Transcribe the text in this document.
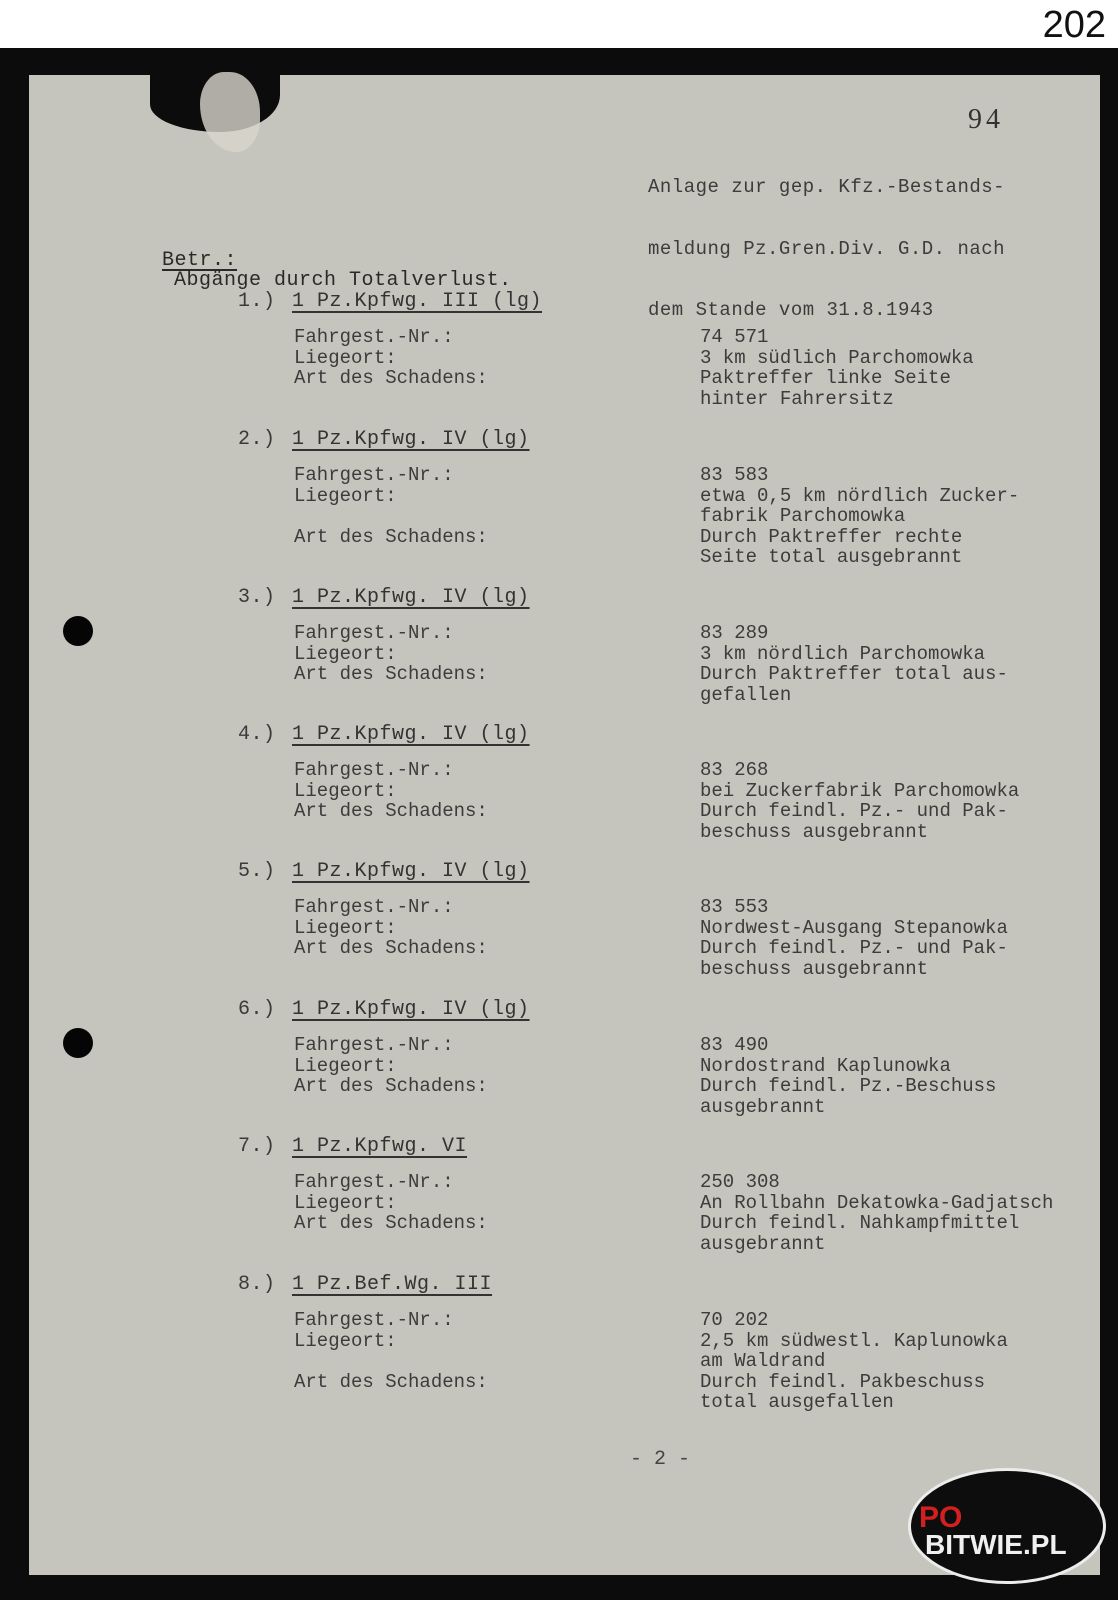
202
94

Anlage zur gep. Kfz.-Bestands-

meldung Pz.Gren.Div. G.D. nach

dem Stande vom 31.8.1943

Betr.:
Abgänge durch Totalverlust.

1.) 1 Pz.Kpfwg. III (lg)
Fahrgest.-Nr.:
Liegeort:
Art des Schadens:
74 571
3 km südlich Parchomowka
Paktreffer linke Seite
hinter Fahrersitz
2.) 1 Pz.Kpfwg. IV (lg)
Fahrgest.-Nr.:
Liegeort:
Art des Schadens:
83 583
etwa 0,5 km nördlich Zucker-
fabrik Parchomowka
Durch Paktreffer rechte
Seite total ausgebrannt
3.) 1 Pz.Kpfwg. IV (lg)
Fahrgest.-Nr.:
Liegeort:
Art des Schadens:
83 289
3 km nördlich Parchomowka
Durch Paktreffer total aus-
gefallen
4.) 1 Pz.Kpfwg. IV (lg)
Fahrgest.-Nr.:
Liegeort:
Art des Schadens:
83 268
bei Zuckerfabrik Parchomowka
Durch feindl. Pz.- und Pak-
beschuss ausgebrannt
5.) 1 Pz.Kpfwg. IV (lg)
Fahrgest.-Nr.:
Liegeort:
Art des Schadens:
83 553
Nordwest-Ausgang Stepanowka
Durch feindl. Pz.- und Pak-
beschuss ausgebrannt
6.) 1 Pz.Kpfwg. IV (lg)
Fahrgest.-Nr.:
Liegeort:
Art des Schadens:
83 490
Nordostrand Kaplunowka
Durch feindl. Pz.-Beschuss
ausgebrannt
7.) 1 Pz.Kpfwg. VI
Fahrgest.-Nr.:
Liegeort:
Art des Schadens:
250 308
An Rollbahn Dekatowka-Gadjatsch
Durch feindl. Nahkampfmittel
ausgebrannt
8.) 1 Pz.Bef.Wg. III
Fahrgest.-Nr.:
Liegeort:
Art des Schadens:
70 202
2,5 km südwestl. Kaplunowka
am Waldrand
Durch feindl. Pakbeschuss
total ausgefallen
- 2 -
PO
BITWIE.PL
